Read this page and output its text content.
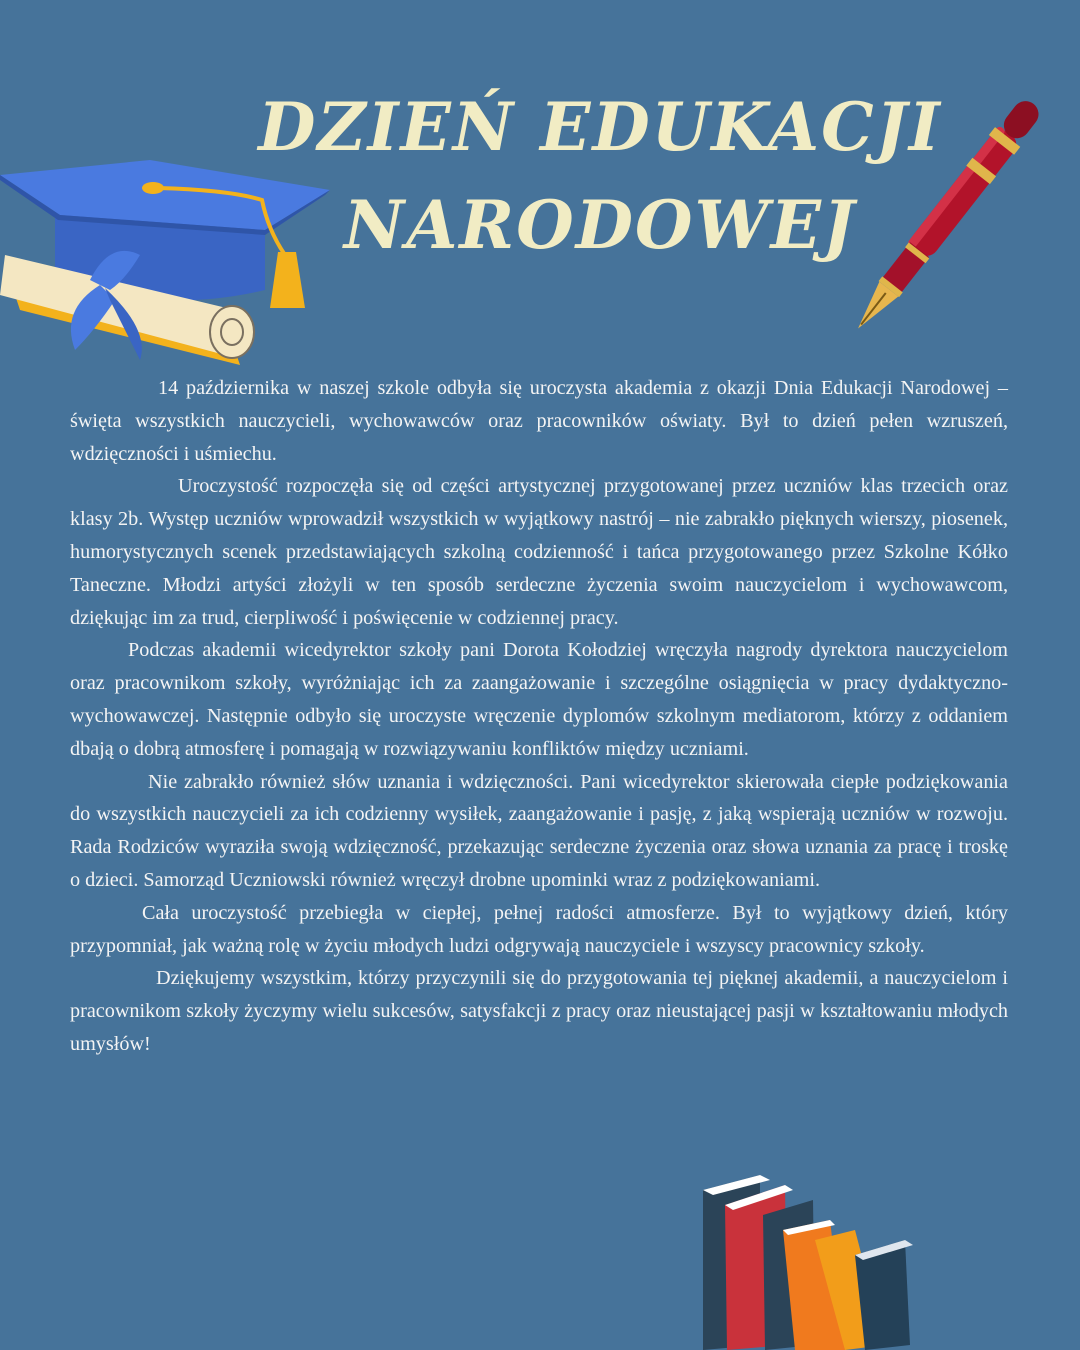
DZIEŃ EDUKACJI
NARODOWEJ

14 października w naszej szkole odbyła się uroczysta akademia z okazji Dnia Edukacji Narodowej – święta wszystkich nauczycieli, wychowawców oraz pracowników oświaty. Był to dzień pełen wzruszeń, wdzięczności i uśmiechu.

Uroczystość rozpoczęła się od części artystycznej przygotowanej przez uczniów klas trzecich oraz klasy 2b. Występ uczniów wprowadził wszystkich w wyjątkowy nastrój – nie zabrakło pięknych wierszy, piosenek, humorystycznych scenek przedstawiających szkolną codzienność i tańca przygotowanego przez Szkolne Kółko Taneczne. Młodzi artyści złożyli w ten sposób serdeczne życzenia swoim nauczycielom i wychowawcom, dziękując im za trud, cierpliwość i poświęcenie w codziennej pracy.

Podczas akademii wicedyrektor szkoły pani Dorota Kołodziej wręczyła nagrody dyrektora nauczycielom oraz pracownikom szkoły, wyróżniając ich za zaangażowanie i szczególne osiągnięcia w pracy dydaktyczno-wychowawczej. Następnie odbyło się uroczyste wręczenie dyplomów szkolnym mediatorom, którzy z oddaniem dbają o dobrą atmosferę i pomagają w rozwiązywaniu konfliktów między uczniami.

Nie zabrakło również słów uznania i wdzięczności. Pani wicedyrektor skierowała ciepłe podziękowania do wszystkich nauczycieli za ich codzienny wysiłek, zaangażowanie i pasję, z jaką wspierają uczniów w rozwoju. Rada Rodziców wyraziła swoją wdzięczność, przekazując serdeczne życzenia oraz słowa uznania za pracę i troskę o dzieci. Samorząd Uczniowski również wręczył drobne upominki wraz z podziękowaniami.

Cała uroczystość przebiegła w ciepłej, pełnej radości atmosferze. Był to wyjątkowy dzień, który przypomniał, jak ważną rolę w życiu młodych ludzi odgrywają nauczyciele i wszyscy pracownicy szkoły.

Dziękujemy wszystkim, którzy przyczynili się do przygotowania tej pięknej akademii, a nauczycielom i pracownikom szkoły życzymy wielu sukcesów, satysfakcji z pracy oraz nieustającej pasji w kształtowaniu młodych umysłów!
